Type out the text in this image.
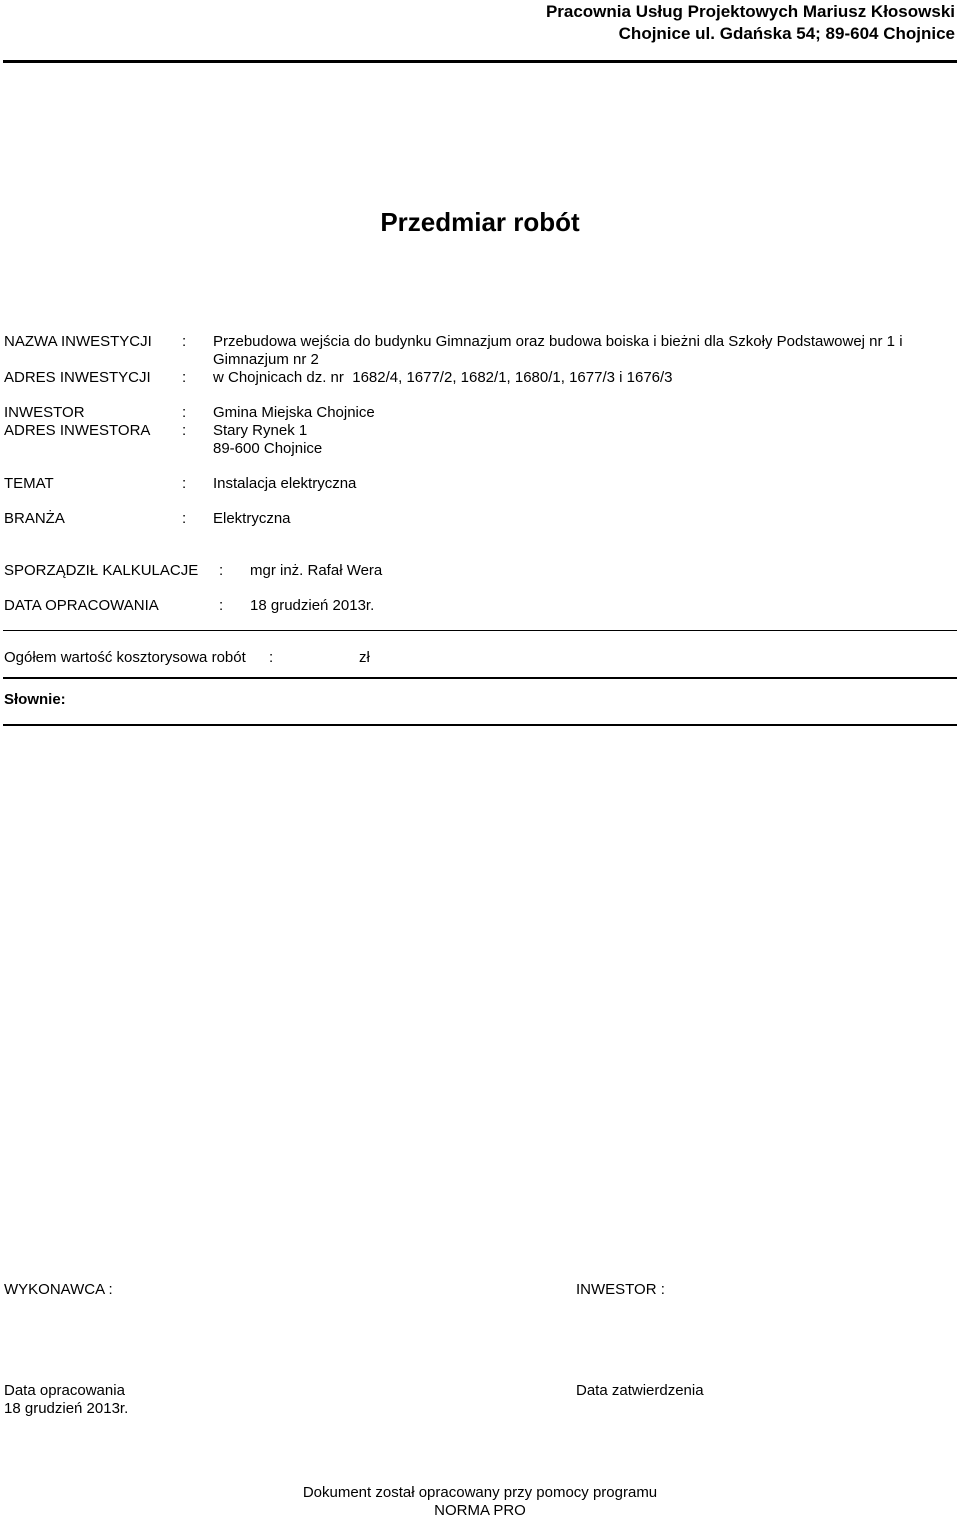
Pracownia Usług Projektowych Mariusz Kłosowski
Chojnice ul. Gdańska 54; 89-604 Chojnice
Przedmiar robót
NAZWA INWESTYCJI : Przebudowa wejścia do budynku Gimnazjum oraz budowa boiska i bieżni dla Szkoły Podstawowej nr 1 i
Gimnazjum nr 2
ADRES INWESTYCJI : w Chojnicach dz. nr  1682/4, 1677/2, 1682/1, 1680/1, 1677/3 i 1676/3
INWESTOR	: Gmina Miejska Chojnice
ADRES INWESTORA : Stary Rynek 1
89-600 Chojnice
TEMAT	: Instalacja elektryczna
BRANŻA	: Elektryczna
SPORZĄDZIŁ KALKULACJE : mgr inż. Rafał Wera
DATA OPRACOWANIA	: 18 grudzień 2013r.
Ogółem wartość kosztorysowa robót :	zł
Słownie:
WYKONAWCA :	INWESTOR :
Data opracowania
18 grudzień 2013r.
Data zatwierdzenia
Dokument został opracowany przy pomocy programu
NORMA PRO
